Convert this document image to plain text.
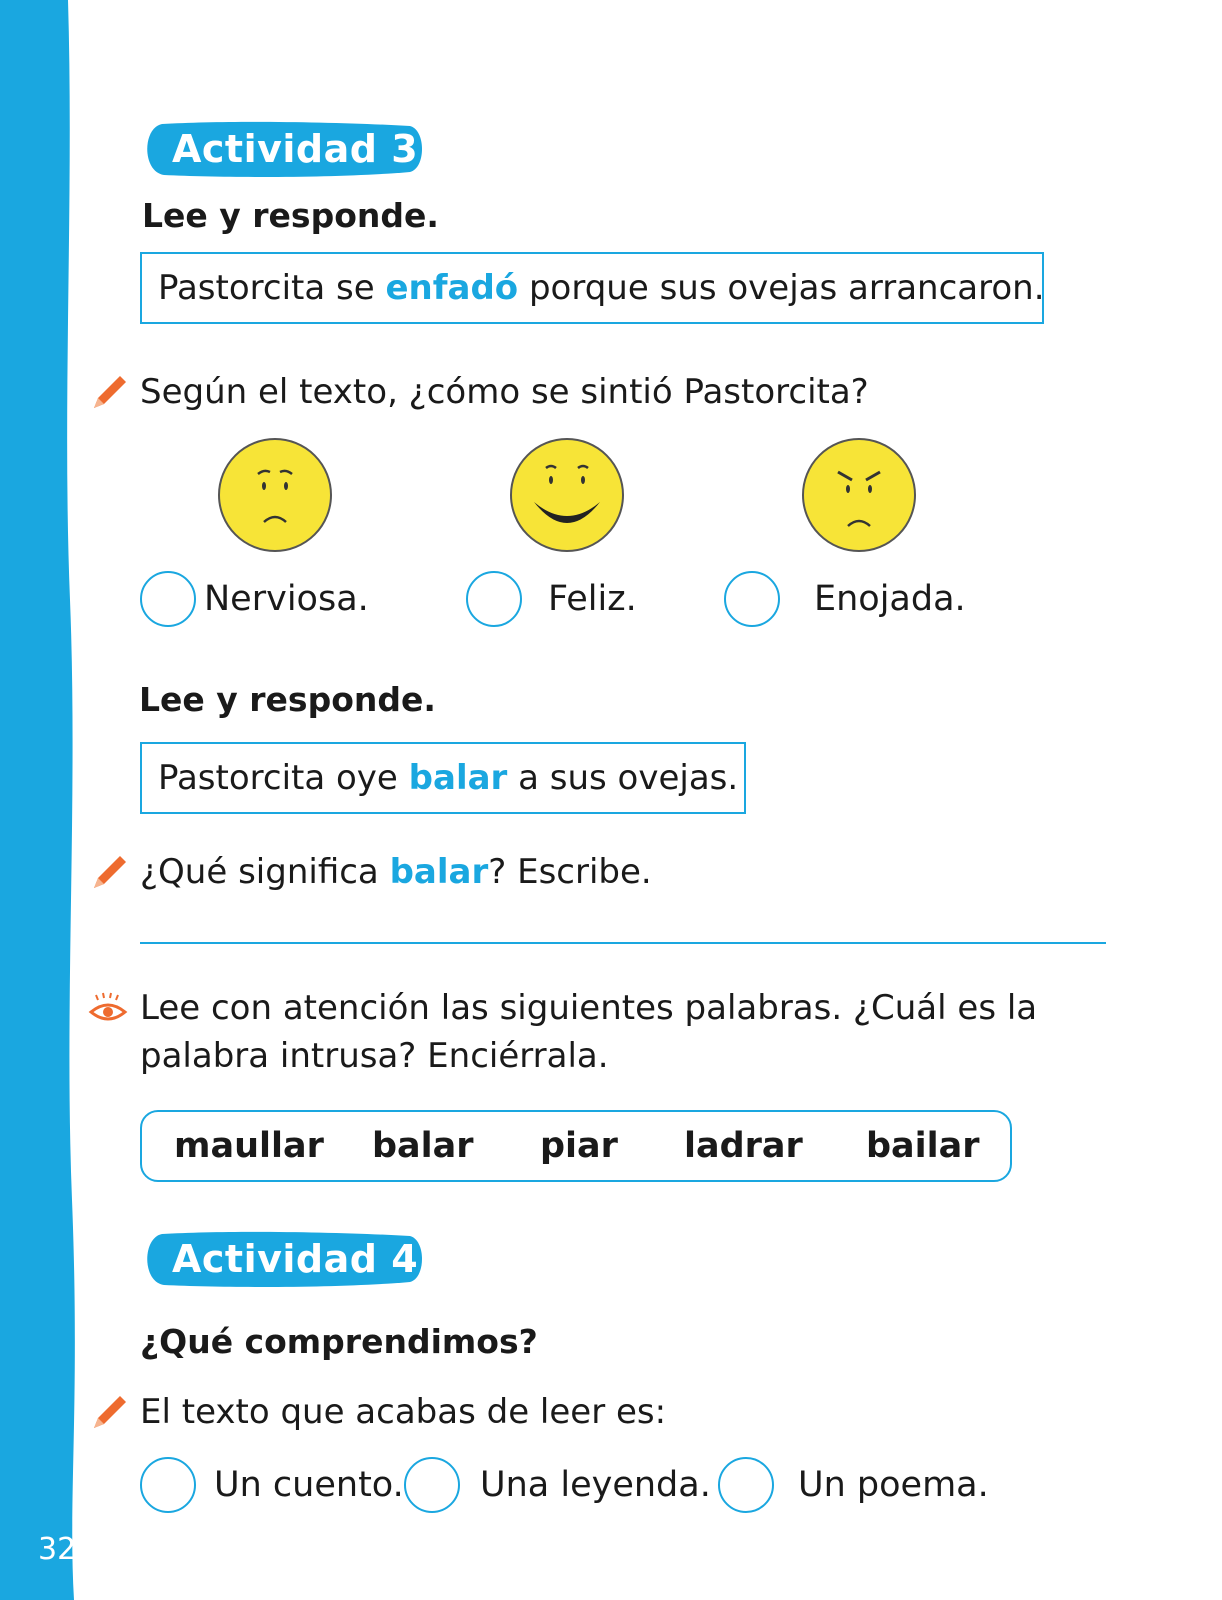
32
Actividad 3
Lee y responde.
Pastorcita se enfadó porque sus ovejas arrancaron.
Según el texto, ¿cómo se sintió Pastorcita?
Nerviosa.	Feliz.	Enojada.
Lee y responde.
Pastorcita oye balar a sus ovejas.
¿Qué significa balar? Escribe.
Lee con atención las siguientes palabras. ¿Cuál es la
palabra intrusa? Enciérrala.
maullar balar piar ladrar bailar
Actividad 4
¿Qué comprendimos?
El texto que acabas de leer es:
Un cuento. Una leyenda. Un poema.
